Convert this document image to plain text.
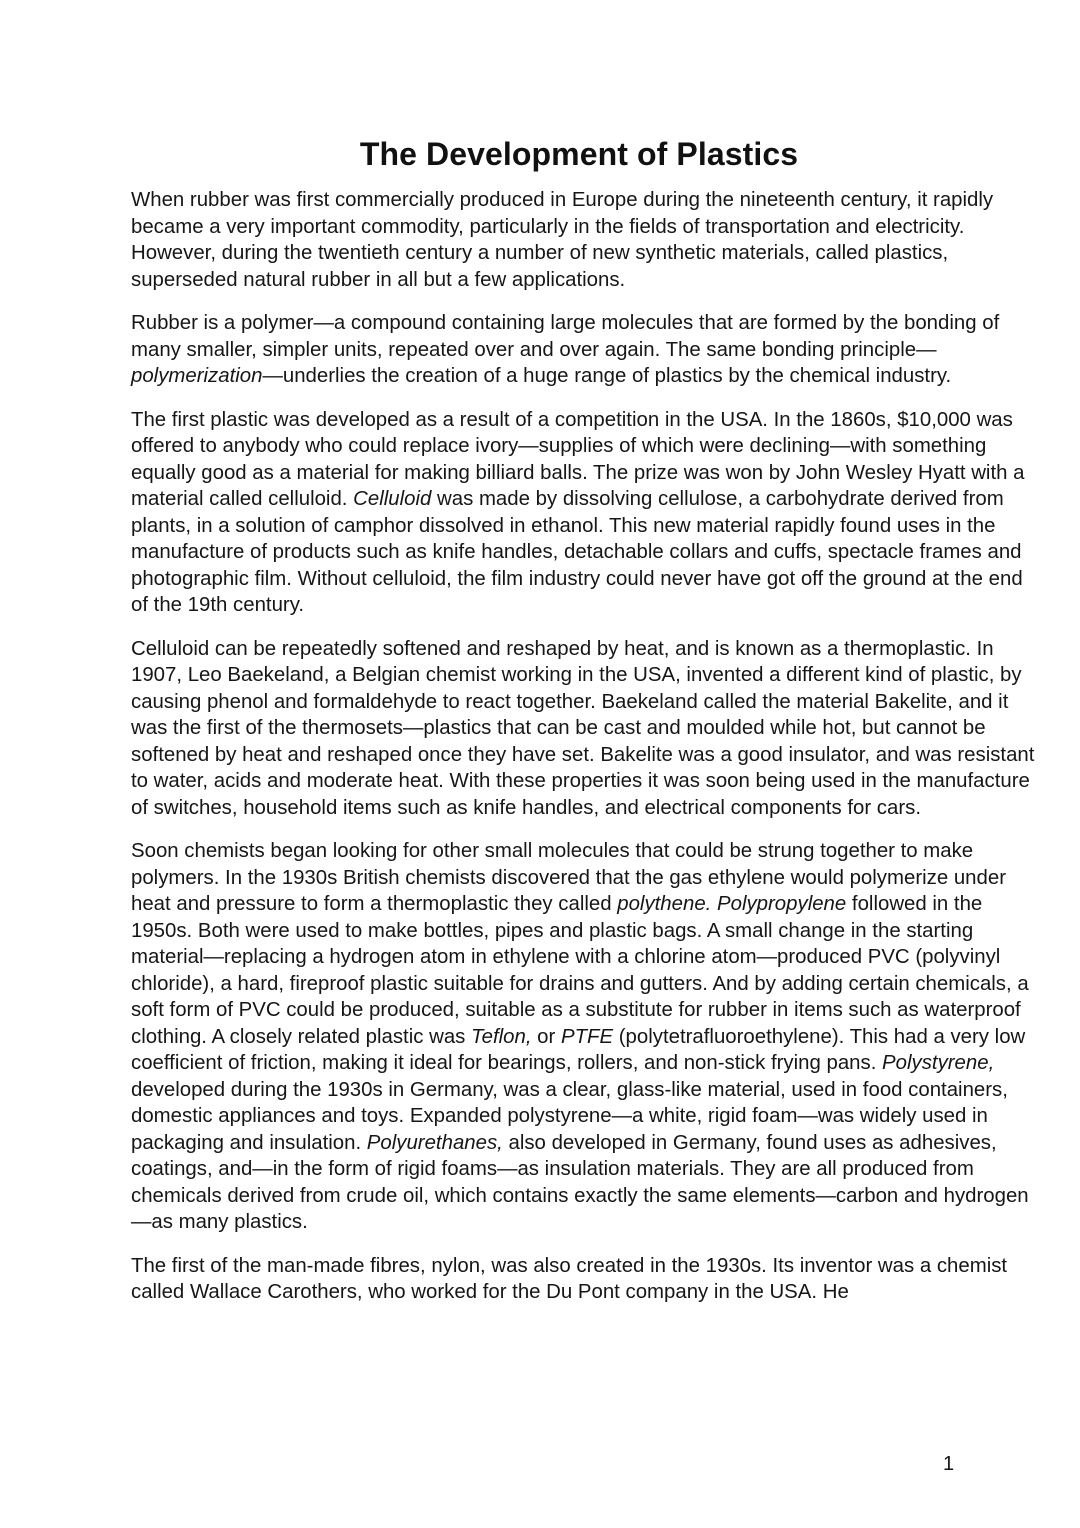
The Development of Plastics

When rubber was first commercially produced in Europe during the nineteenth century, it rapidly became a very important commodity, particularly in the fields of transportation and electricity. However, during the twentieth century a number of new synthetic materials, called plastics, superseded natural rubber in all but a few applications.

Rubber is a polymer—a compound containing large molecules that are formed by the bonding of many smaller, simpler units, repeated over and over again. The same bonding principle—polymerization—underlies the creation of a huge range of plastics by the chemical industry.

The first plastic was developed as a result of a competition in the USA. In the 1860s, $10,000 was offered to anybody who could replace ivory—supplies of which were declining—with something equally good as a material for making billiard balls. The prize was won by John Wesley Hyatt with a material called celluloid. Celluloid was made by dissolving cellulose, a carbohydrate derived from plants, in a solution of camphor dissolved in ethanol. This new material rapidly found uses in the manufacture of products such as knife handles, detachable collars and cuffs, spectacle frames and photographic film. Without celluloid, the film industry could never have got off the ground at the end of the 19th century.

Celluloid can be repeatedly softened and reshaped by heat, and is known as a thermoplastic. In 1907, Leo Baekeland, a Belgian chemist working in the USA, invented a different kind of plastic, by causing phenol and formaldehyde to react together. Baekeland called the material Bakelite, and it was the first of the thermosets—plastics that can be cast and moulded while hot, but cannot be softened by heat and reshaped once they have set. Bakelite was a good insulator, and was resistant to water, acids and moderate heat. With these properties it was soon being used in the manufacture of switches, household items such as knife handles, and electrical components for cars.

Soon chemists began looking for other small molecules that could be strung together to make polymers. In the 1930s British chemists discovered that the gas ethylene would polymerize under heat and pressure to form a thermoplastic they called polythene. Polypropylene followed in the 1950s. Both were used to make bottles, pipes and plastic bags. A small change in the starting material—replacing a hydrogen atom in ethylene with a chlorine atom—produced PVC (polyvinyl chloride), a hard, fireproof plastic suitable for drains and gutters. And by adding certain chemicals, a soft form of PVC could be produced, suitable as a substitute for rubber in items such as waterproof clothing. A closely related plastic was Teflon, or PTFE (polytetrafluoroethylene). This had a very low coefficient of friction, making it ideal for bearings, rollers, and non-stick frying pans. Polystyrene, developed during the 1930s in Germany, was a clear, glass-like material, used in food containers, domestic appliances and toys. Expanded polystyrene—a white, rigid foam—was widely used in packaging and insulation. Polyurethanes, also developed in Germany, found uses as adhesives, coatings, and—in the form of rigid foams—as insulation materials. They are all produced from chemicals derived from crude oil, which contains exactly the same elements—carbon and hydrogen—as many plastics.

The first of the man-made fibres, nylon, was also created in the 1930s. Its inventor was a chemist called Wallace Carothers, who worked for the Du Pont company in the USA. He

1
